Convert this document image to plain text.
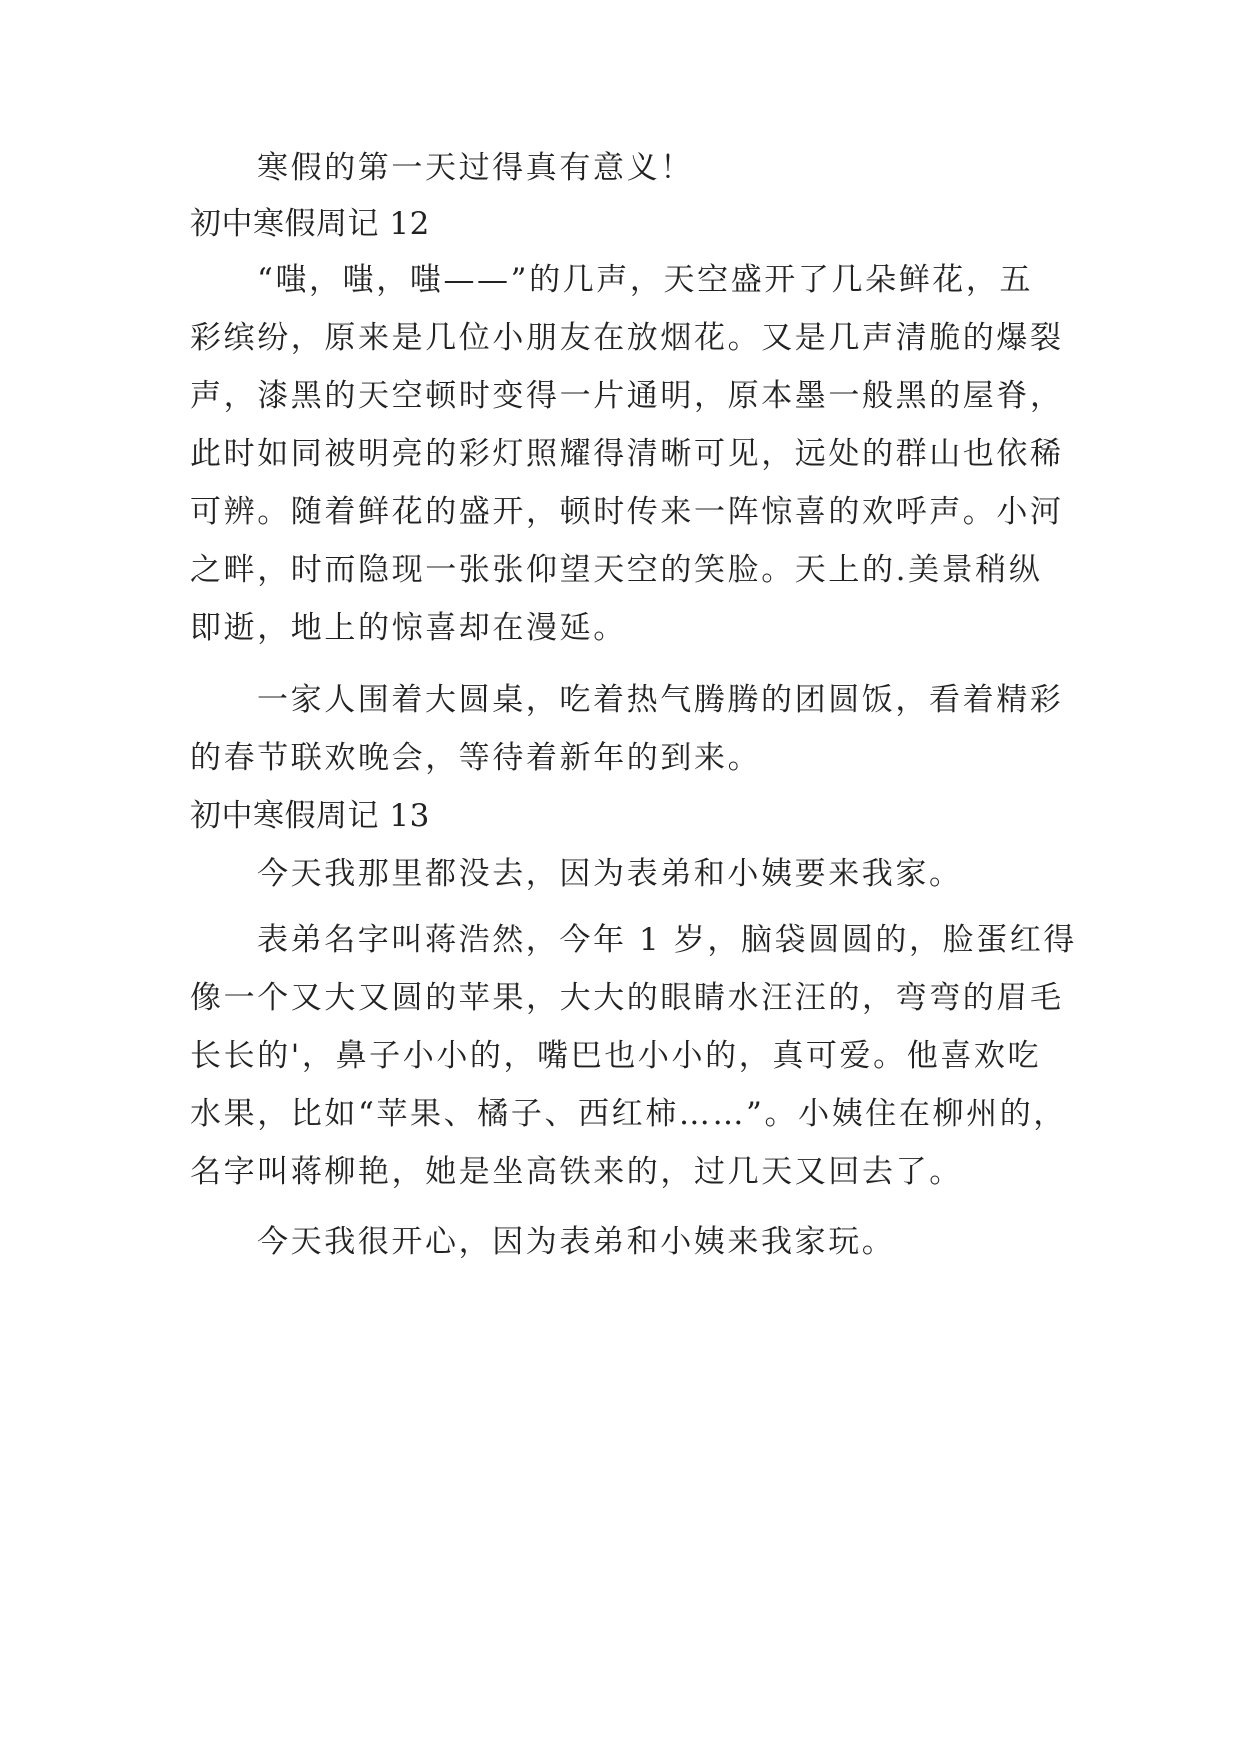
寒假的第一天过得真有意义！
初中寒假周记 12
“嗤，嗤，嗤——”的几声，天空盛开了几朵鲜花，五
彩缤纷，原来是几位小朋友在放烟花。又是几声清脆的爆裂
声，漆黑的天空顿时变得一片通明，原本墨一般黑的屋脊，
此时如同被明亮的彩灯照耀得清晰可见，远处的群山也依稀
可辨。随着鲜花的盛开，顿时传来一阵惊喜的欢呼声。小河
之畔，时而隐现一张张仰望天空的笑脸。天上的.美景稍纵
即逝，地上的惊喜却在漫延。
一家人围着大圆桌，吃着热气腾腾的团圆饭，看着精彩
的春节联欢晚会，等待着新年的到来。
初中寒假周记 13
今天我那里都没去，因为表弟和小姨要来我家。
表弟名字叫蒋浩然，今年 1 岁，脑袋圆圆的，脸蛋红得
像一个又大又圆的苹果，大大的眼睛水汪汪的，弯弯的眉毛
长长的'，鼻子小小的，嘴巴也小小的，真可爱。他喜欢吃
水果，比如“苹果、橘子、西红柿……”。小姨住在柳州的，
名字叫蒋柳艳，她是坐高铁来的，过几天又回去了。
今天我很开心，因为表弟和小姨来我家玩。
